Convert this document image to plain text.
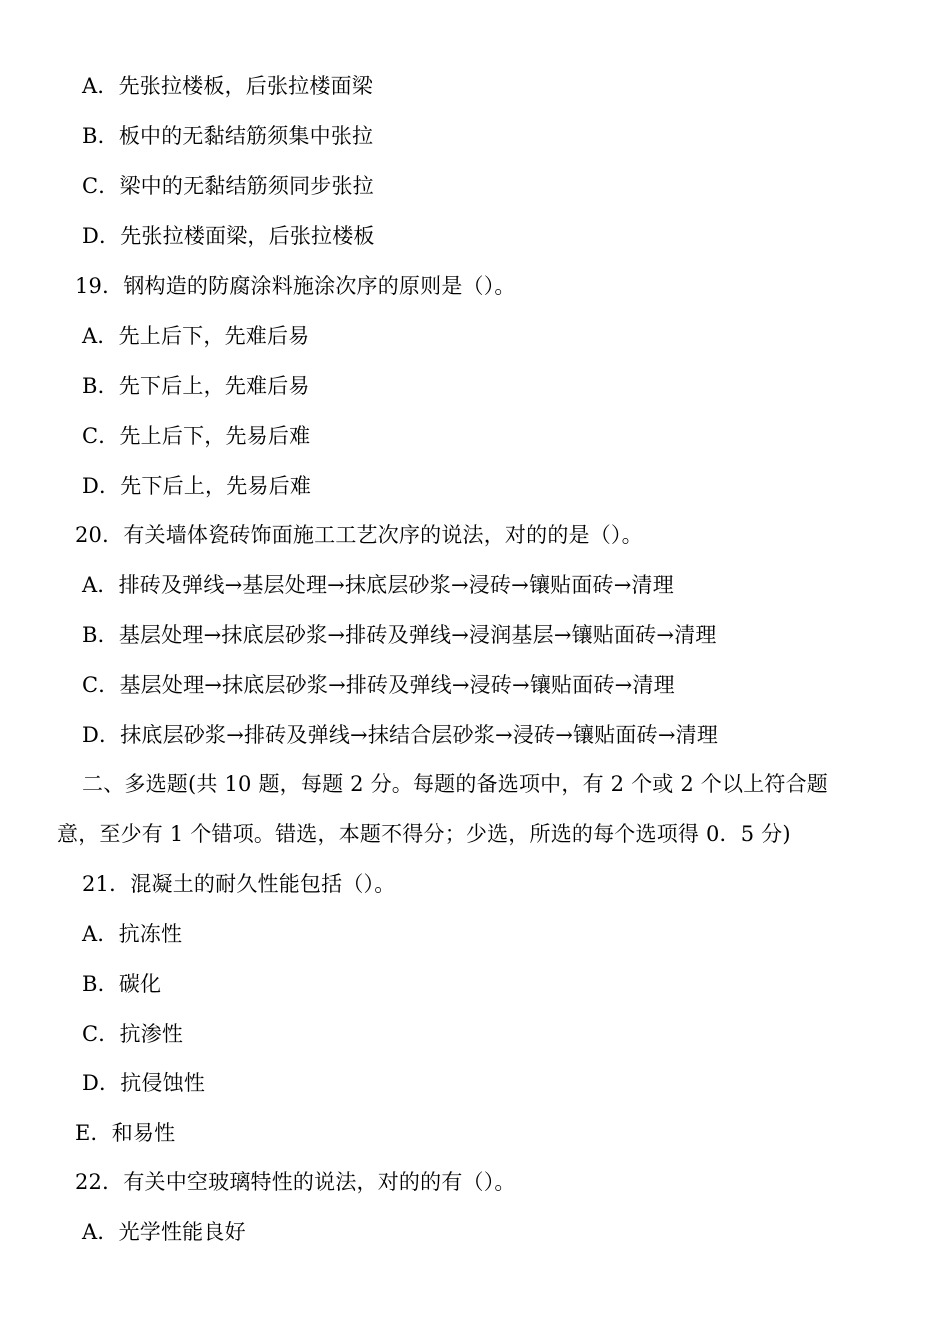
A．先张拉楼板，后张拉楼面梁
B．板中的无黏结筋须集中张拉
C．梁中的无黏结筋须同步张拉
D．先张拉楼面梁，后张拉楼板
19．钢构造的防腐涂料施涂次序的原则是（）。
A．先上后下，先难后易
B．先下后上，先难后易
C．先上后下，先易后难
D．先下后上，先易后难
20．有关墙体瓷砖饰面施工工艺次序的说法，对的的是（）。
A．排砖及弹线→基层处理→抹底层砂浆→浸砖→镶贴面砖→清理
B．基层处理→抹底层砂浆→排砖及弹线→浸润基层→镶贴面砖→清理
C．基层处理→抹底层砂浆→排砖及弹线→浸砖→镶贴面砖→清理
D．抹底层砂浆→排砖及弹线→抹结合层砂浆→浸砖→镶贴面砖→清理
二、多选题(共 10 题，每题 2 分。每题的备选项中，有 2 个或 2 个以上符合题
意，至少有 1 个错项。错选，本题不得分；少选，所选的每个选项得 0．5 分)
21．混凝土的耐久性能包括（）。
A．抗冻性
B．碳化
C．抗渗性
D．抗侵蚀性
E．和易性
22．有关中空玻璃特性的说法，对的的有（）。
A．光学性能良好
